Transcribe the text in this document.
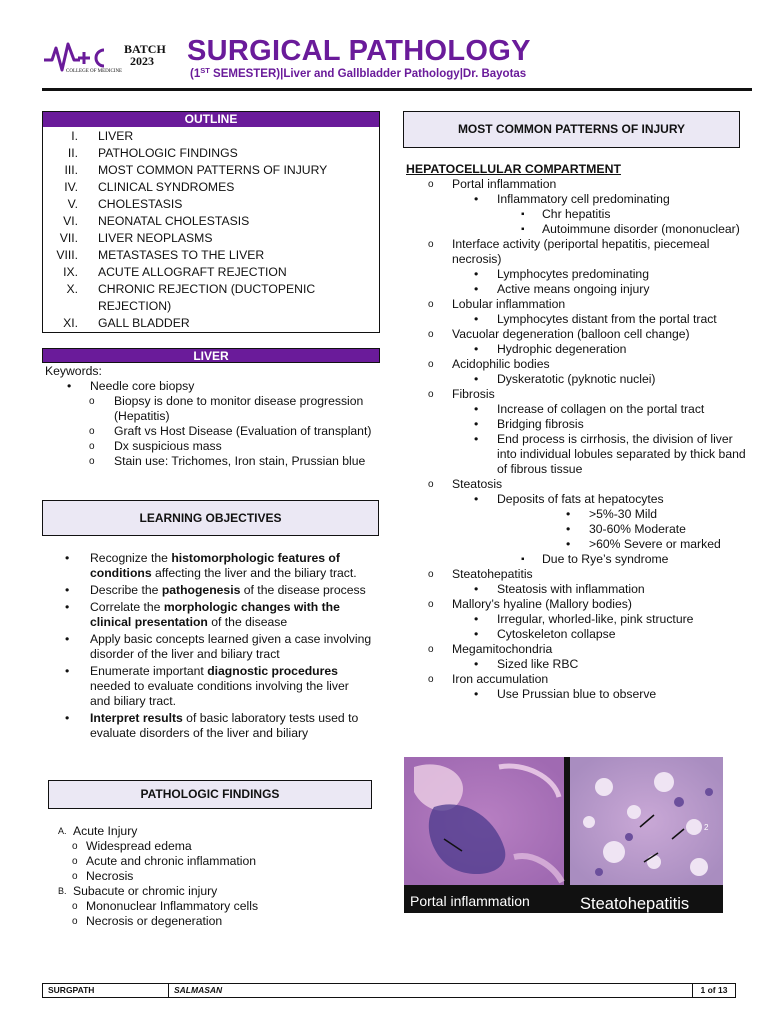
BATCH
2023
COLLEGE OF MEDICINE
SURGICAL PATHOLOGY
(1ST SEMESTER)|Liver and Gallbladder Pathology|Dr. Bayotas
OUTLINE
I.	LIVER
II.	PATHOLOGIC FINDINGS
III.	MOST COMMON PATTERNS OF INJURY
IV.	CLINICAL SYNDROMES
V.	CHOLESTASIS
VI.	NEONATAL CHOLESTASIS
VII.	LIVER NEOPLASMS
VIII.	METASTASES TO THE LIVER
IX.	ACUTE ALLOGRAFT REJECTION
X.	CHRONIC REJECTION (DUCTOPENIC REJECTION)
XI.	GALL BLADDER
LIVER
Keywords:
• Needle core biopsy
o Biopsy is done to monitor disease progression (Hepatitis)
o Graft vs Host Disease (Evaluation of transplant)
o Dx suspicious mass
o Stain use: Trichomes, Iron stain, Prussian blue
LEARNING OBJECTIVES
• Recognize the histomorphologic features of conditions affecting the liver and the biliary tract.
• Describe the pathogenesis of the disease process
• Correlate the morphologic changes with the clinical presentation of the disease
• Apply basic concepts learned given a case involving disorder of the liver and biliary tract
• Enumerate important diagnostic procedures needed to evaluate conditions involving the liver and biliary tract.
• Interpret results of basic laboratory tests used to evaluate disorders of the liver and biliary
PATHOLOGIC FINDINGS
A. Acute Injury
o Widespread edema
o Acute and chronic inflammation
o Necrosis
B. Subacute or chromic injury
o Mononuclear Inflammatory cells
o Necrosis or degeneration
MOST COMMON PATTERNS OF INJURY
HEPATOCELLULAR COMPARTMENT
o Portal inflammation
• Inflammatory cell predominating
▪ Chr hepatitis
▪ Autoimmune disorder (mononuclear)
o Interface activity (periportal hepatitis, piecemeal necrosis)
• Lymphocytes predominating
• Active means ongoing injury
o Lobular inflammation
• Lymphocytes distant from the portal tract
o Vacuolar degeneration (balloon cell change)
• Hydrophic degeneration
o Acidophilic bodies
• Dyskeratotic (pyknotic nuclei)
o Fibrosis
• Increase of collagen on the portal tract
• Bridging fibrosis
• End process is cirrhosis, the division of liver into individual lobules separated by thick band of fibrous tissue
o Steatosis
• Deposits of fats at hepatocytes
• >5%-30 Mild
• 30-60% Moderate
• >60% Severe or marked
▪ Due to Rye’s syndrome
o Steatohepatitis
• Steatosis with inflammation
o Mallory’s hyaline (Mallory bodies)
• Irregular, whorled-like, pink structure
• Cytoskeleton collapse
o Megamitochondria
• Sized like RBC
o Iron accumulation
• Use Prussian blue to observe
2
Portal inflammation	Steatohepatitis
SURGPATH	SALMASAN	1 of 13
